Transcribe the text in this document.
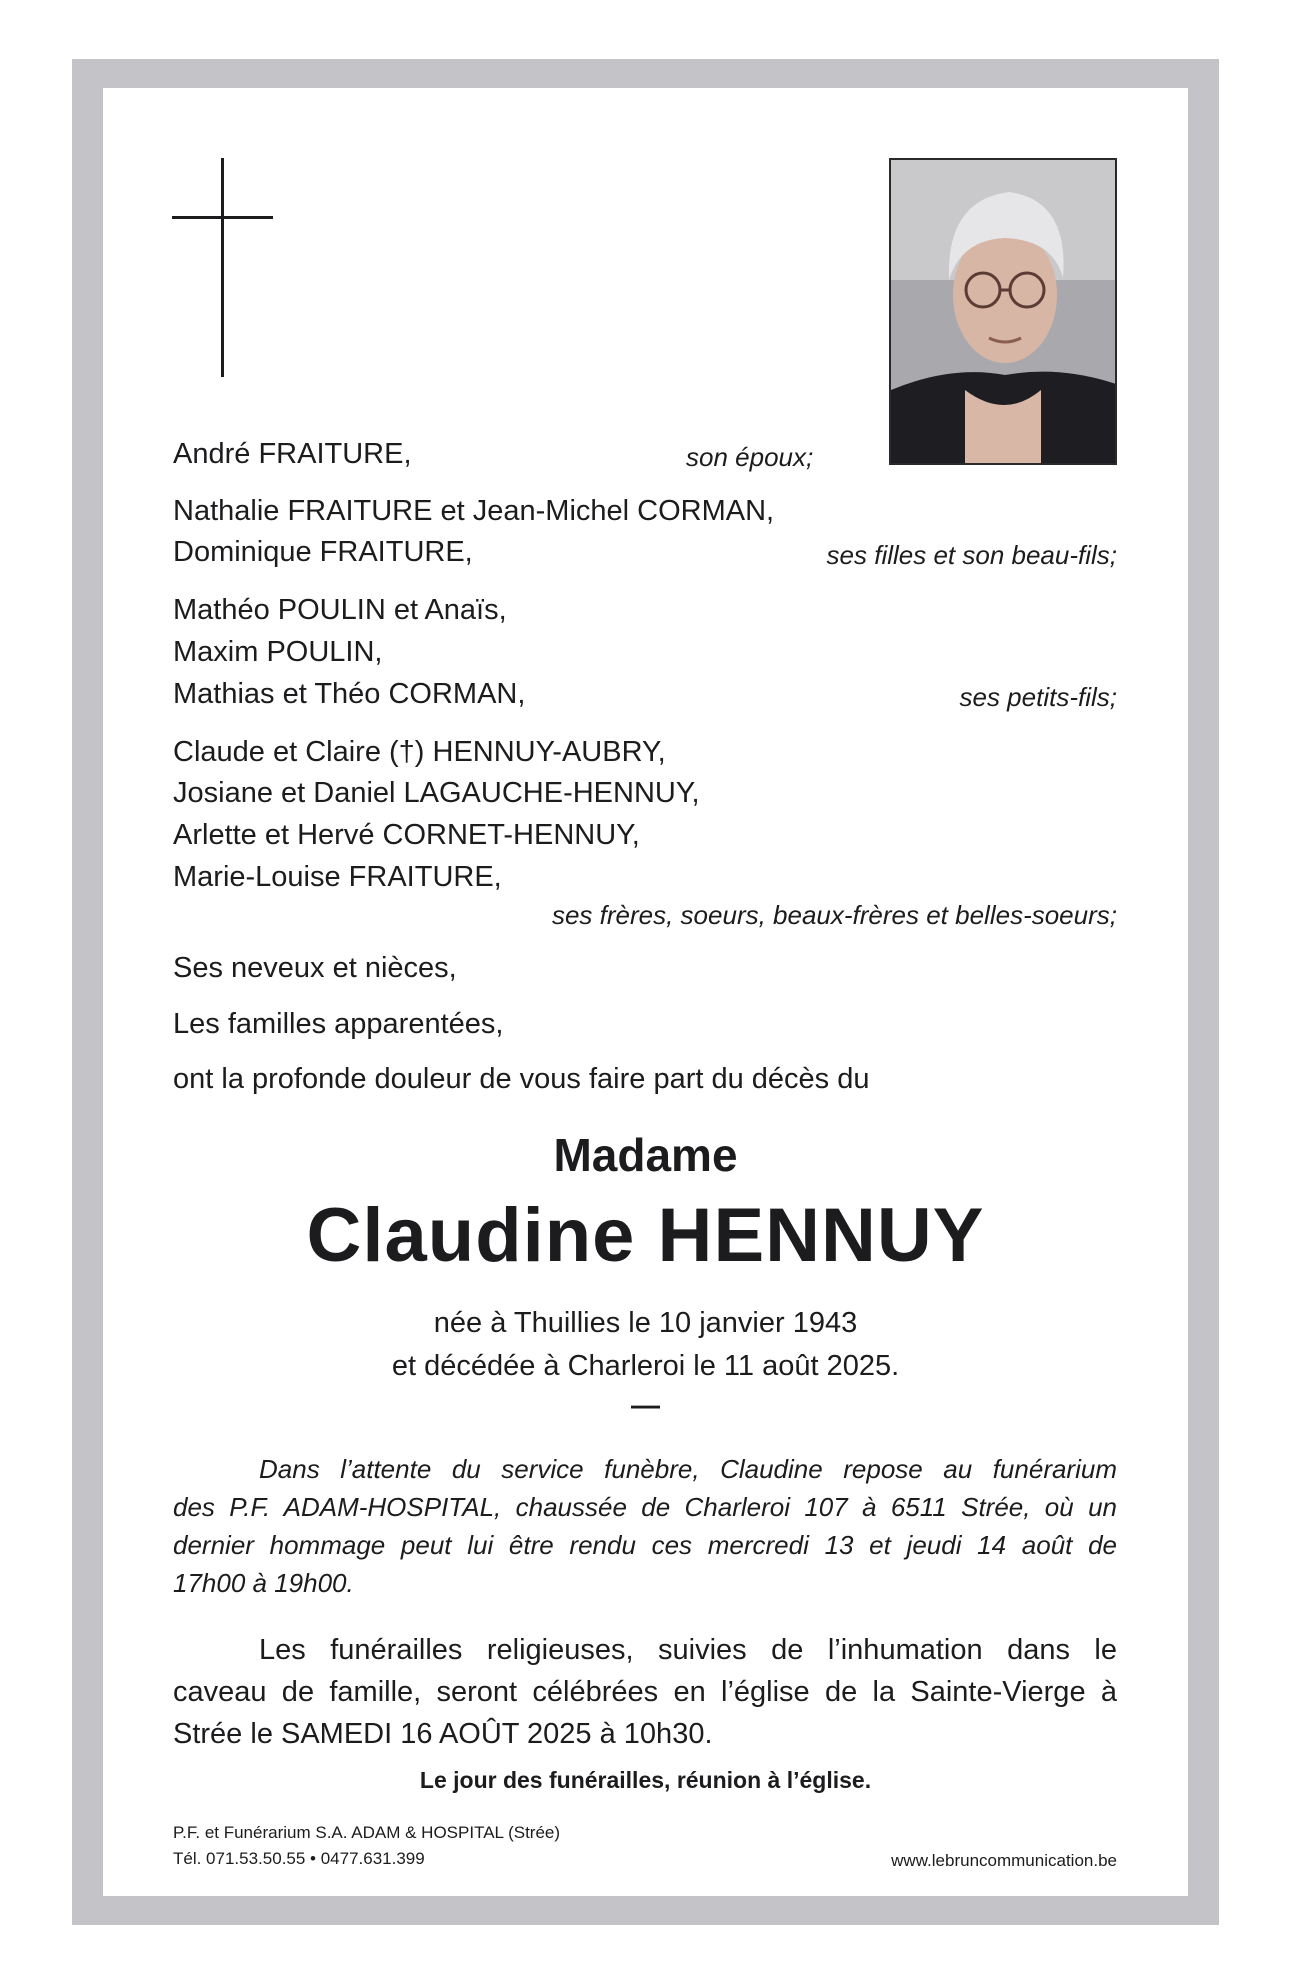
André FRAITURE,	son époux;
Nathalie FRAITURE et Jean-Michel CORMAN,
Dominique FRAITURE,	ses filles et son beau-fils;
Mathéo POULIN et Anaïs,
Maxim POULIN,
Mathias et Théo CORMAN,	ses petits-fils;
Claude et Claire (†) HENNUY-AUBRY,
Josiane et Daniel LAGAUCHE-HENNUY,
Arlette et Hervé CORNET-HENNUY,
Marie-Louise FRAITURE,
ses frères, soeurs, beaux-frères et belles-soeurs;
Ses neveux et nièces,
Les familles apparentées,
ont la profonde douleur de vous faire part du décès du
Madame
Claudine HENNUY
née à Thuillies le 10 janvier 1943
et décédée à Charleroi le 11 août 2025.
—
Dans l’attente du service funèbre, Claudine repose au funérarium
des P.F. ADAM-HOSPITAL, chaussée de Charleroi 107 à 6511 Strée, où un
dernier hommage peut lui être rendu ces mercredi 13 et jeudi 14 août de
17h00 à 19h00.
Les funérailles religieuses, suivies de l’inhumation dans le
caveau de famille, seront célébrées en l’église de la Sainte-Vierge à
Strée le SAMEDI 16 AOÛT 2025 à 10h30.
Le jour des funérailles, réunion à l’église.
P.F. et Funérarium S.A. ADAM & HOSPITAL (Strée)
Tél. 071.53.50.55 • 0477.631.399	www.lebruncommunication.be
